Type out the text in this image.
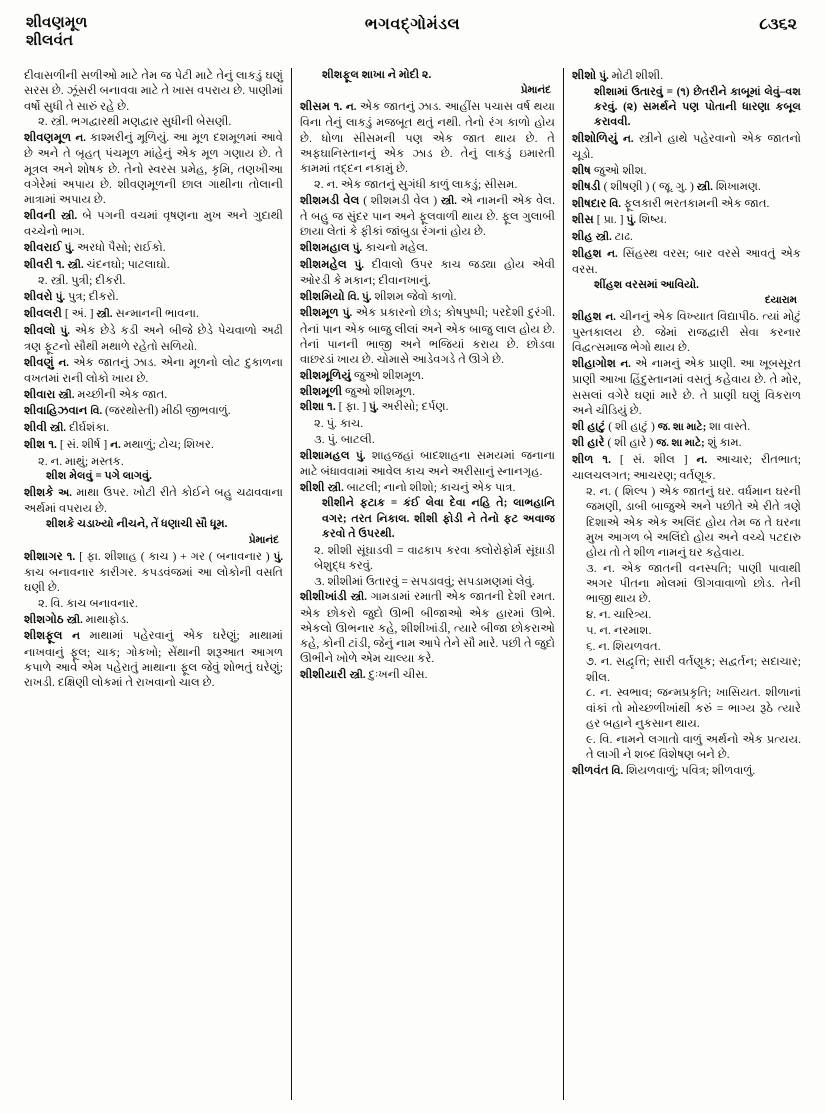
શીવણમૂળ
શીલવંત
ભગવદ્ગોમંડલ	૮૩૬૨

દીવાસળીની સળીઓ માટે તેમ જ પેટી માટે તેનું લાકડું ઘણું સરસ છે. ઝૂંસરી બનાવવા માટે તે ખાસ વપરાય છે. પાણીમાં વર્ષો સુધી તે સારું રહે છે.

૨. સ્ત્રી. ભગદ્વારથી મણદ્વાર સુધીની બેસણી.

શીવણમૂળ ન. કાશ્મરીનું મૂળિયું. આ મૂળ દશમૂળમાં આવે છે અને તે બૃહત્ પંચમૂળ માંહેનું એક મૂળ ગણાય છે. તે મૂત્રલ અને શોષક છે. તેનો સ્વરસ પ્રમેહ, કૃમિ, તણખીઆ વગેરેમાં અપાય છે. શીવણમૂળની છાલ ગાથીના તોલાની માત્રામાં અપાય છે.

શીવની સ્ત્રી. બે પગની વચમાં વૃષણના મુખ અને ગુદાથી વચ્ચેનો ભાગ.

શીવરાઈ પું. અરધો પૈસો; રાઈકો.

શીવરી ૧. સ્ત્રી. ચંદનઘો; પાટલાઘો.

૨. સ્ત્રી. પુત્રી; દીકરી.

શીવરો પું. પુત્ર; દીકરો.

શીવલરી [ અં. ] સ્ત્રી. સન્માનની ભાવના.

શીવલો પું. એક છેડે કડી અને બીજે છેડે પેચવાળો અઢી ત્રણ ફૂટનો સૌથી મથાળે રહેતો સળિયો.

શીવણું ન. એક જાતનું ઝાડ. એના મૂળનો લોટ દુકાળના વખતમાં રાની લોકો ખાય છે.

શીવારા સ્ત્રી. મચ્છીની એક જાત.

શીવાહિઝવાન વિ. (જરથોસ્તી) મીઠી જીભવાળું.

શીવી સ્ત્રી. દીર્ઘશંકા.

શીશ ૧. [ સં. શીર્ષ ] ન. મથાળું; ટોચ; શિખર.

૨. ન. માથું; મસ્તક.

શીશ મેલવું = પગે લાગવું.

શીશકે અ. માથા ઉપર. ખોટી રીતે કોઈને બહુ ચઢાવવાના અર્થમાં વપરાય છે.

શીશકે ચડાખ્યો નીચને, તેં ધણાચી સૌ ધૂમ.

પ્રેમાનંદ

શીશાગર ૧. [ ફા. શીશાહ ( કાચ ) + ગર ( બનાવનાર ) પું. કાચ બનાવનાર કારીગર. કપડવંજમાં આ લોકોની વસતિ ઘણી છે.

૨. વિ. કાચ બનાવનાર.

શીશગોઠ સ્ત્રી. માથાફોડ.

શીશફૂલ ન માથામાં પહેરવાનું એક ઘરેણું; માથામાં નાખવાનું ફૂલ; ચાક; ગોકખો; સેંથાની શરૂઆત આગળ કપાળે આવે એમ પહેરાતું માથાના ફૂલ જેવું શોભતું ઘરેણું; રાખડી. દક્ષિણી લોકમાં તે રાખવાનો ચાલ છે.

શીશફૂલ શાખા ને મોદી ૨.
પ્રેમાનંદ

શીસમ ૧. ન. એક જાતનું ઝાડ. આહીંસ પચાસ વર્ષ થયા વિના તેનું લાકડું મજબૂત થતું નથી. તેનો રંગ કાળો હોય છે. ધોળા સીસમની પણ એક જાત થાય છે. તે અફઘાનિસ્તાનનું એક ઝાડ છે. તેનું લાકડું ઇમારતી કામમાં તદ્દન નકામું છે.

૨. ન. એક જાતનું સુગંધી કાળું લાકડું; સીસમ.

શીશમડી વેલ ( શીશમડી વેલ ) સ્ત્રી. એ નામની એક વેલ. તે બહુ જ સુંદર પાન અને ફૂલવાળી થાય છે. ફૂલ ગુલાબી છાયા લેતાં કે ફીકાં જાંબુડા રંગનાં હોય છે.

શીશમહાલ પું. કાચનો મહેલ.

શીશમહેલ પું. દીવાલો ઉપર કાચ જડ્યા હોય એવી ઓરડી કે મકાન; દીવાનખાનું.

શીશમિયો વિ. પું. શીશમ જેવો કાળો.

શીશમૂળ પું. એક પ્રકારનો છોડ; કોષપુષ્પી; પરદેશી દુરંગી. તેનાં પાન એક બાજુ લીલાં અને એક બાજુ લાલ હોય છે. તેનાં પાનની ભાજી અને ભજિયાં કરાય છે. છોડવા વાછરડાં ખાય છે. ચોમાસે આડેવગડે તે ઊગે છે.

શીશમૂળિયું જુઓ શીશમૂળ.

શીશમૂળી જુઓ શીશમૂળ.

શીશા ૧. [ ફા. ] પું. અરીસો; દર્પણ.

૨. પું. કાચ.

૩. પું. બાટલી.

શીશામહલ પું. શાહજહાં બાદશાહના સમયમાં જનાના માટે બંધાવવામાં આવેલ કાચ અને અરીસાનું સ્નાનગૃહ.

શીશી સ્ત્રી. બાટલી; નાનો શીશો; કાચનું એક પાત્ર.

શીશીને ફટાક = કંઈ લેવા દેવા નહિ તે; લાભહાનિ વગર; તરત નિકાલ. શીશી ફોડી ને તેનો ફટ અવાજ કરવો તે ઉપરથી.

૨. શીશી સૂંઘાડવી = વાઢકાપ કરવા ક્લોરોફોર્મ સૂંઘાડી બેશુદ્ધ કરવું.

૩. શીશીમાં ઉતારવું = સપડાવવું; સપડામણમાં લેવું.

શીશીખાંડી સ્ત્રી. ગામડામાં રમાતી એક જાતની દેશી રમત. એક છોકરો જુદો ઊભી બીજાઓ એક હારમાં ઊભે. એકલો ઊભનાર કહે, શીશીખાંડી, ત્યારે બીજા છોકરાઓ કહે, કોની ટાંડી, જેનું નામ આપે તેને સૌ મારે. પછી તે જુદો ઊભીને ખોળે એમ ચાલ્યા કરે.

શીશીયારી સ્ત્રી. દુઃખની ચીસ.

શીશો પું. મોટી શીશી.

શીશામાં ઉતારવું = (૧) છેતરીને કાબૂમાં લેવું–વશ કરવું. (૨) સમર્થને પણ પોતાની ધારણા કબૂલ કરાવવી.

શીશોળિયું ન. સ્ત્રીને હાથે પહેરવાનો એક જાતનો ચૂડો.

શીષ જુઓ શીશ.

શીષડી ( શીષણી ) ( જૂ. ગુ. ) સ્ત્રી. શિખામણ.

શીષદાર વિ. ફૂલકારી ભરતકામની એક જાત.

શીસ [ પ્રા. ] પું. શિષ્ય.

શીહ સ્ત્રી. ટાઢ.

શીહશ ન. સિંહસ્થ વરસ; બાર વરસે આવતું એક વરસ.

શીંહશ વરસમાં આવિયો.
દયારામ

શીહશ ન. ચીનનું એક વિખ્યાત વિદ્યાપીઠ. ત્યાં મોટું પુસ્તકાલય છે. જેમાં રાજદ્વારી સેવા કરનાર વિદ્વત્સમાજ ભેગો થાય છે.

શીહાગોશ ન. એ નામનું એક પ્રાણી. આ ખૂબસૂરત પ્રાણી આખા હિંદુસ્તાનમાં વસતું કહેવાય છે. તે મોર, સસલાં વગેરે ઘણાં મારે છે. તે પ્રાણી ઘણું વિકરાળ અને ચીડિયું છે.

શી હાટું ( શી હાટું ) જ. શા માટે; શા વાસ્તે.

શી હારે ( શી હારે ) જ. શા માટે; શું કામ.

શીળ ૧. [ સં. શીલ ] ન. આચાર; રીતભાત; ચાલચલગત; આચરણ; વર્તણૂક.

૨. ન. ( શિલ્પ ) એક જાતનું ઘર. વર્ધમાન ઘરની જમણી, ડાબી બાજુએ અને પછીતે એ રીતે ત્રણે દિશાએ એક એક અલિંદ હોય તેમ જ તે ઘરના મુખ આગળ બે અલિંદો હોય અને વચ્ચે પટદારુ હોય તો તે શીળ નામનું ઘર કહેવાય.

૩. ન. એક જાતની વનસ્પતિ; પાણી પાવાથી અગર પીતના મોલમાં ઊગવાવાળો છોડ. તેની ભાજી થાય છે.

૪. ન. ચારિત્ર્ય.

૫. ન. નરમાશ.

૬. ન. શિયળવત.

૭. ન. સદ્વૃત્તિ; સારી વર્તણૂક; સદ્વર્તન; સદાચાર; શીલ.

૮. ન. સ્વભાવ; જન્મપ્રકૃતિ; ખાસિયત. શીળાનાં વાંકાં તો મોચ્છળીખાંથી કરુંં = ભાગ્ય રૂઠે ત્યારે હર બહાને નુકસાન થાય.

૯. વિ. નામને લગાતો વાળું અર્થનો એક પ્રત્યય. તે લાગી ને શબ્દ વિશેષણ બને છે.

શીળવંત વિ. શિયળવાળું; પવિત્ર; શીળવાળું.
